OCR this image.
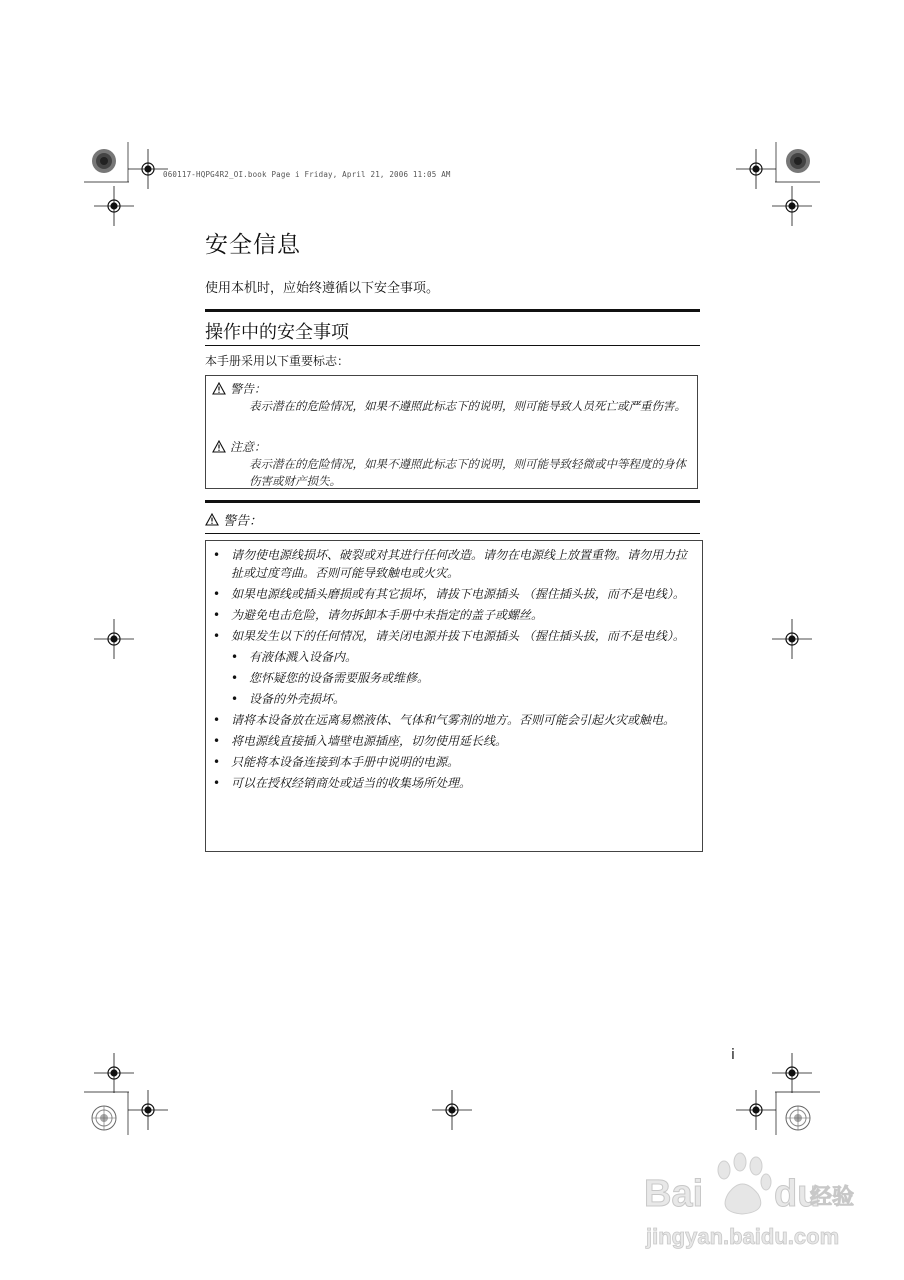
060117-HQPG4R2_OI.book Page i Friday, April 21, 2006 11:05 AM
安全信息
使用本机时，应始终遵循以下安全事项。
操作中的安全事项
本手册采用以下重要标志：
警告：
表示潜在的危险情况，如果不遵照此标志下的说明，则可能导致人员死亡或严重伤害。
注意：
表示潜在的危险情况，如果不遵照此标志下的说明，则可能导致轻微或中等程度的身体伤害或财产损失。
警告：
• 请勿使电源线损坏、破裂或对其进行任何改造。请勿在电源线上放置重物。请勿用力拉扯或过度弯曲。否则可能导致触电或火灾。
• 如果电源线或插头磨损或有其它损坏，请拔下电源插头 （握住插头拔，而不是电线）。
• 为避免电击危险，请勿拆卸本手册中未指定的盖子或螺丝。
• 如果发生以下的任何情况，请关闭电源并拔下电源插头 （握住插头拔，而不是电线）。
• 有液体溅入设备内。
• 您怀疑您的设备需要服务或维修。
• 设备的外壳损坏。
• 请将本设备放在远离易燃液体、气体和气雾剂的地方。否则可能会引起火灾或触电。
• 将电源线直接插入墙壁电源插座，切勿使用延长线。
• 只能将本设备连接到本手册中说明的电源。
• 可以在授权经销商处或适当的收集场所处理。
i
Bai du
经验
jingyan.baidu.com
